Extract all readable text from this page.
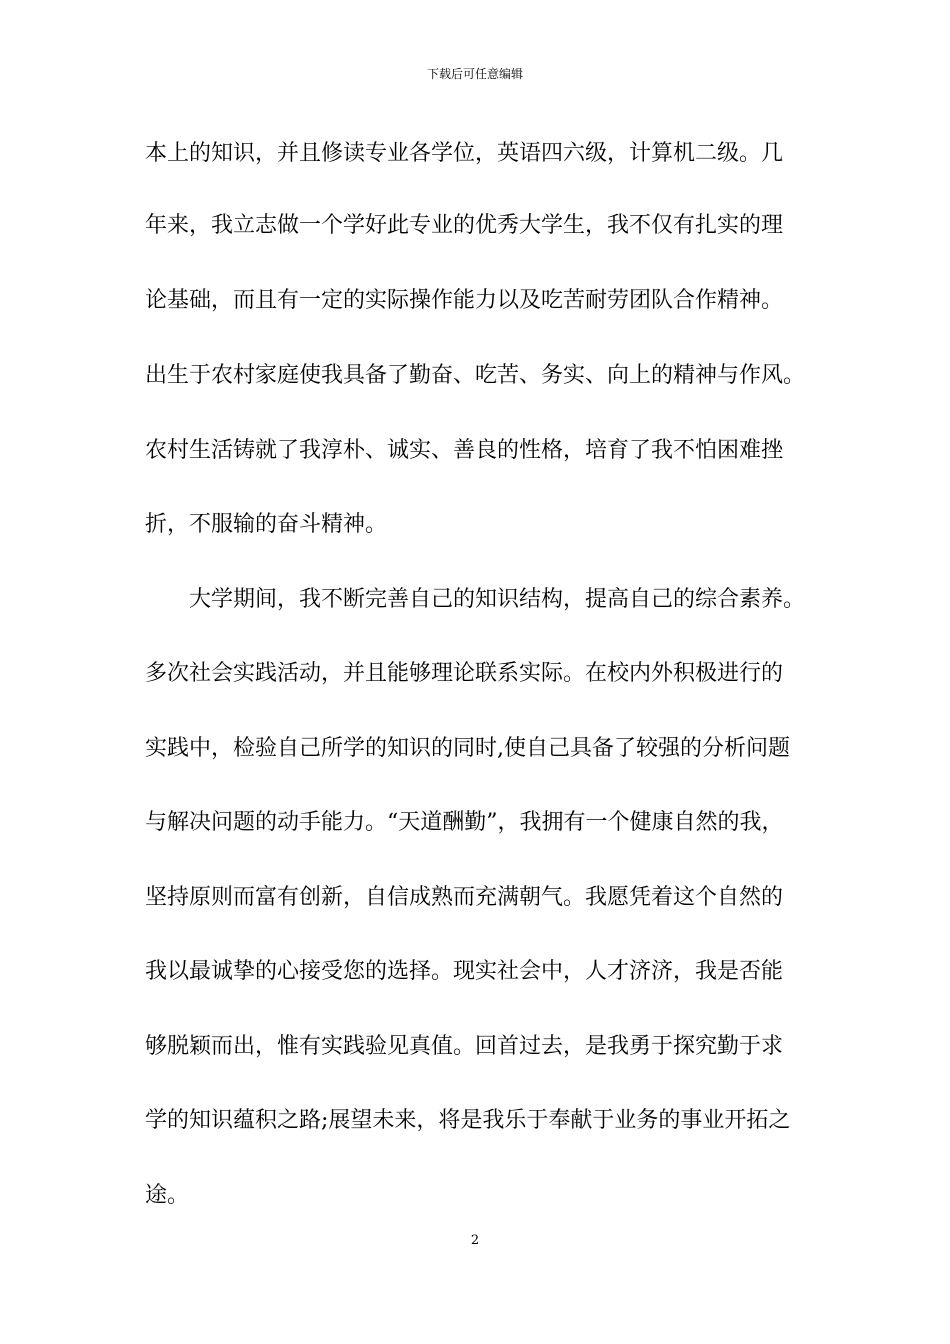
下载后可任意编辑
本上的知识，并且修读专业各学位，英语四六级，计算机二级。几
年来，我立志做一个学好此专业的优秀大学生，我不仅有扎实的理
论基础，而且有一定的实际操作能力以及吃苦耐劳团队合作精神。
出生于农村家庭使我具备了勤奋、吃苦、务实、向上的精神与作风。
农村生活铸就了我淳朴、诚实、善良的性格，培育了我不怕困难挫
折，不服输的奋斗精神。
大学期间，我不断完善自己的知识结构，提高自己的综合素养。
多次社会实践活动，并且能够理论联系实际。在校内外积极进行的
实践中，检验自己所学的知识的同时,使自己具备了较强的分析问题
与解决问题的动手能力。“天道酬勤”，我拥有一个健康自然的我，
坚持原则而富有创新，自信成熟而充满朝气。我愿凭着这个自然的
我以最诚挚的心接受您的选择。现实社会中，人才济济，我是否能
够脱颖而出，惟有实践验见真值。回首过去，是我勇于探究勤于求
学的知识蕴积之路;展望未来，将是我乐于奉献于业务的事业开拓之
途。
2
